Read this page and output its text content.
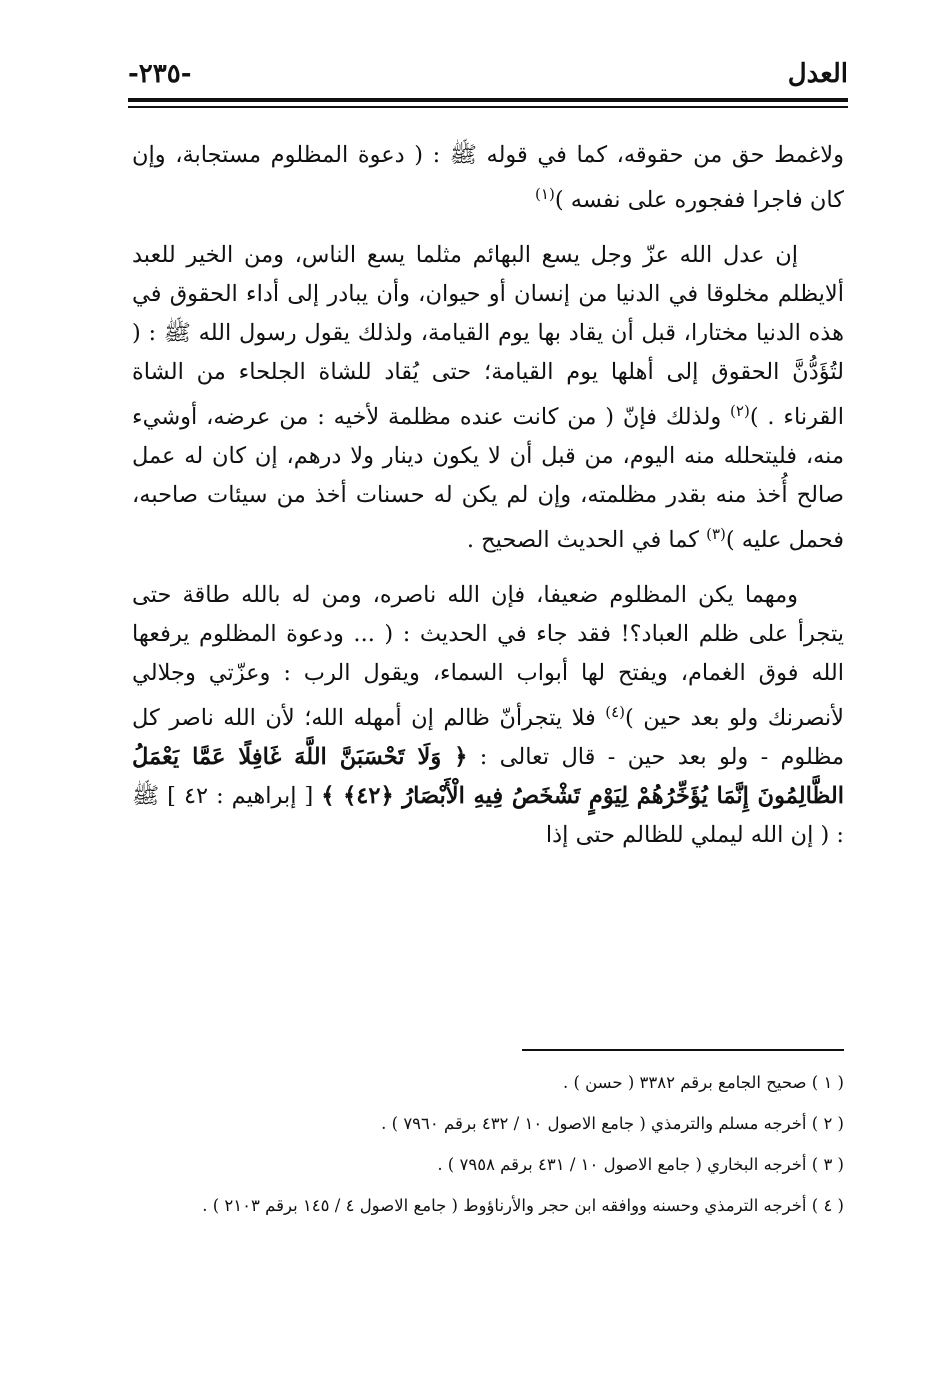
العدل
-٢٣٥-

ولاغمط حق من حقوقه، كما في قوله ﷺ : ( دعوة المظلوم مستجابة، وإن كان فاجرا ففجوره على نفسه )$^{(١)}$

إن عدل الله عزّ وجل يسع البهائم مثلما يسع الناس، ومن الخير للعبد ألايظلم مخلوقا في الدنيا من إنسان أو حيوان، وأن يبادر إلى أداء الحقوق في هذه الدنيا مختارا، قبل أن يقاد بها يوم القيامة، ولذلك يقول رسول الله ﷺ : ( لتُؤَدُّنَّ الحقوق إلى أهلها يوم القيامة؛ حتى يُقاد للشاة الجلحاء من الشاة القرناء . )$^{(٢)}$ ولذلك فإنّ ( من كانت عنده مظلمة لأخيه : من عرضه، أوشيء منه، فليتحلله منه اليوم، من قبل أن لا يكون دينار ولا درهم، إن كان له عمل صالح أُخذ منه بقدر مظلمته، وإن لم يكن له حسنات أخذ من سيئات صاحبه، فحمل عليه )$^{(٣)}$ كما في الحديث الصحيح .

ومهما يكن المظلوم ضعيفا، فإن الله ناصره، ومن له بالله طاقة حتى يتجرأ على ظلم العباد؟! فقد جاء في الحديث : ( ... ودعوة المظلوم يرفعها الله فوق الغمام، ويفتح لها أبواب السماء، ويقول الرب : وعزّتي وجلالي لأنصرنك ولو بعد حين )$^{(٤)}$ فلا يتجرأنّ ظالم إن أمهله الله؛ لأن الله ناصر كل مظلوم - ولو بعد حين - قال تعالى : ﴿ وَلَا تَحْسَبَنَّ اللَّهَ غَافِلًا عَمَّا يَعْمَلُ الظَّالِمُونَ إِنَّمَا يُؤَخِّرُهُمْ لِيَوْمٍ تَشْخَصُ فِيهِ الْأَبْصَارُ ﴿٤٢﴾ ﴾ [ إبراهيم : ٤٢ ] ﷺ : ( إن الله ليملي للظالم حتى إذا

( ١ ) صحيح الجامع برقم ٣٣٨٢ ( حسن ) .

( ٢ ) أخرجه مسلم والترمذي ( جامع الاصول ١٠ / ٤٣٢ برقم ٧٩٦٠ ) .

( ٣ ) أخرجه البخاري ( جامع الاصول ١٠ / ٤٣١ برقم ٧٩٥٨ ) .

( ٤ ) أخرجه الترمذي وحسنه ووافقه ابن حجر والأرناؤوط ( جامع الاصول ٤ / ١٤٥ برقم ٢١٠٣ ) .
